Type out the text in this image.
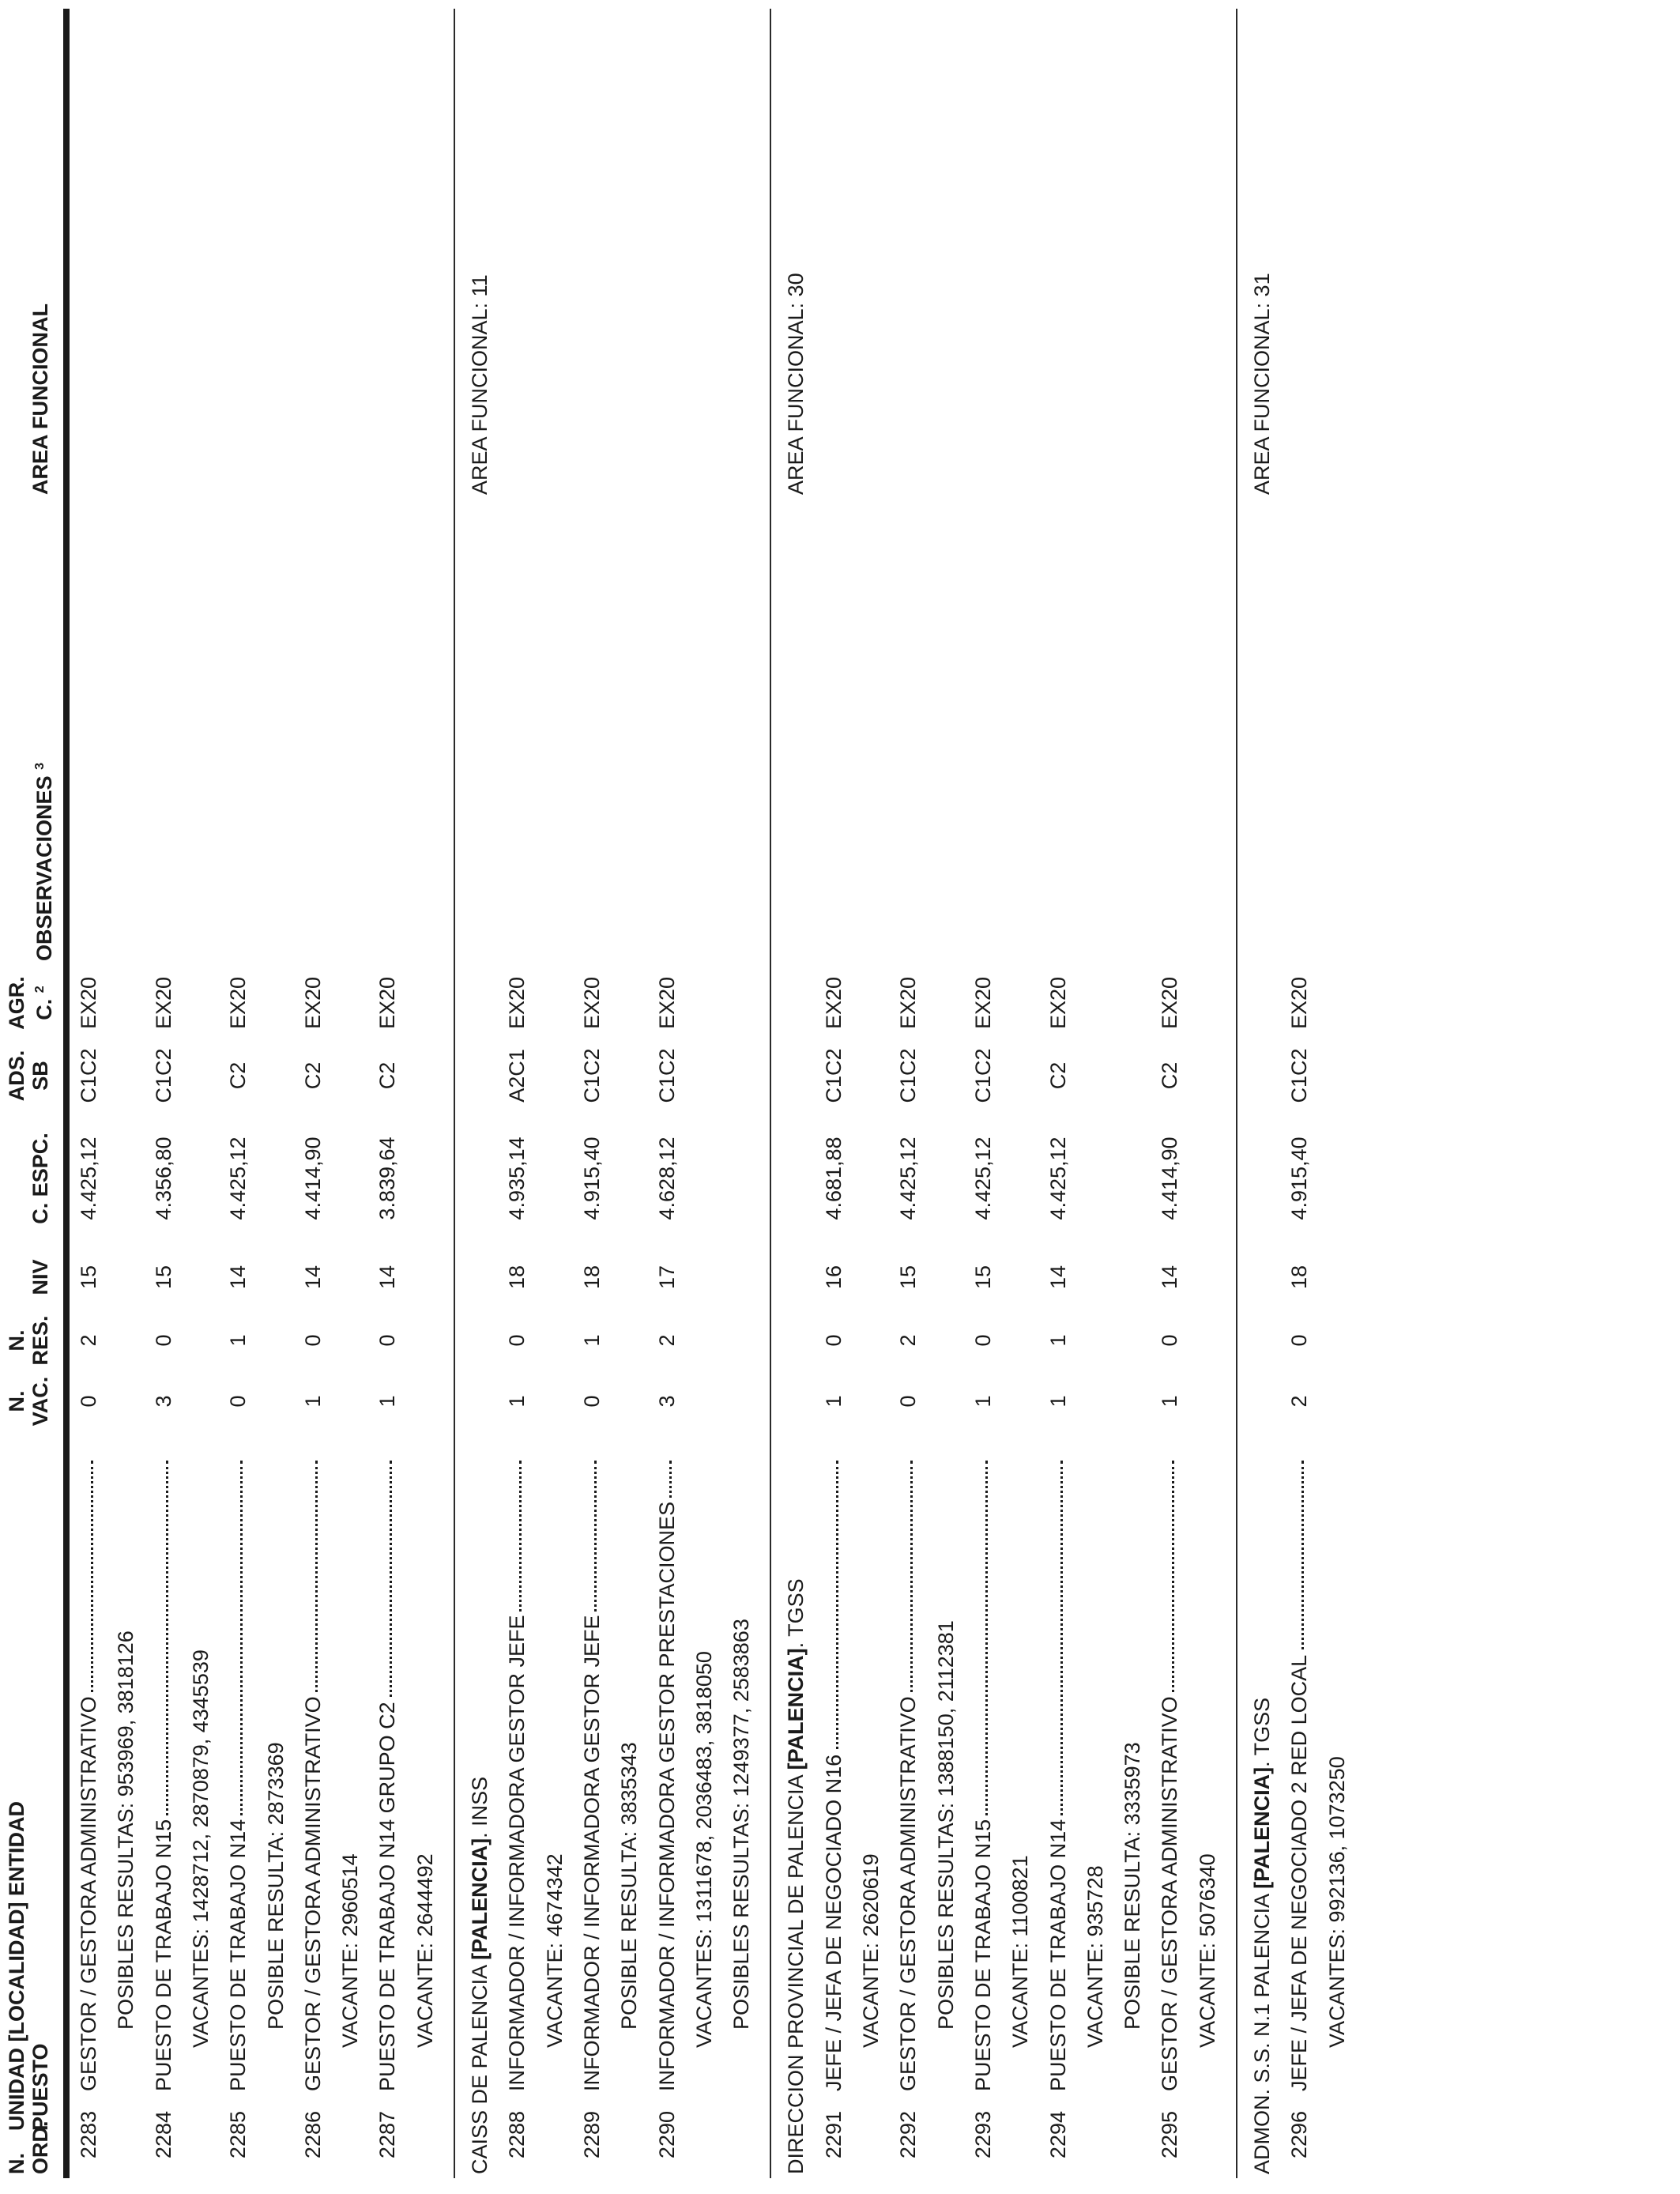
N. ORD.
UNIDAD [LOCALIDAD] ENTIDAD PUESTO
N. VAC.
N. RES.
NIV
C. ESPC.
ADS. SB
AGR. C. $^2$
OBSERVACIONES $^3$
AREA FUNCIONAL
2283
GESTOR / GESTORA ADMINISTRATIVO
0
2
15
4.425,12
C1C2
EX20
POSIBLES RESULTAS: 953969, 3818126
2284
PUESTO DE TRABAJO N15
3
0
15
4.356,80
C1C2
EX20
VACANTES: 1428712, 2870879, 4345539
2285
PUESTO DE TRABAJO N14
0
1
14
4.425,12
C2
EX20
POSIBLE RESULTA: 2873369
2286
GESTOR / GESTORA ADMINISTRATIVO
1
0
14
4.414,90
C2
EX20
VACANTE: 2960514
2287
PUESTO DE TRABAJO N14 GRUPO C2
1
0
14
3.839,64
C2
EX20
VACANTE: 2644492
CAISS DE PALENCIA [PALENCIA]. INSS
AREA FUNCIONAL: 11
2288
INFORMADOR / INFORMADORA GESTOR JEFE
1
0
18
4.935,14
A2C1
EX20
VACANTE: 4674342
2289
INFORMADOR / INFORMADORA GESTOR JEFE
0
1
18
4.915,40
C1C2
EX20
POSIBLE RESULTA: 3835343
2290
INFORMADOR / INFORMADORA GESTOR PRESTACIONES
3
2
17
4.628,12
C1C2
EX20
VACANTES: 1311678, 2036483, 3818050 POSIBLES RESULTAS: 1249377, 2583863 DIRECCION PROVINCIAL DE PALENCIA [PALENCIA]. TGSS
AREA FUNCIONAL: 30
2291
JEFE / JEFA DE NEGOCIADO N16
1
0
16
4.681,88
C1C2
EX20
VACANTE: 2620619
2292
GESTOR / GESTORA ADMINISTRATIVO
0
2
15
4.425,12
C1C2
EX20
POSIBLES RESULTAS: 1388150, 2112381
2293
PUESTO DE TRABAJO N15
1
0
15
4.425,12
C1C2
EX20
VACANTE: 1100821
2294
PUESTO DE TRABAJO N14
1
1
14
4.425,12
C2
EX20
VACANTE: 935728 POSIBLE RESULTA: 3335973
2295
GESTOR / GESTORA ADMINISTRATIVO
1
0
14
4.414,90
C2
EX20
VACANTE: 5076340 ADMON. S.S. N.1 PALENCIA [PALENCIA]. TGSS
AREA FUNCIONAL: 31
2296
JEFE / JEFA DE NEGOCIADO 2 RED LOCAL
2
0
18
4.915,40
C1C2
EX20
VACANTES: 992136, 1073250
